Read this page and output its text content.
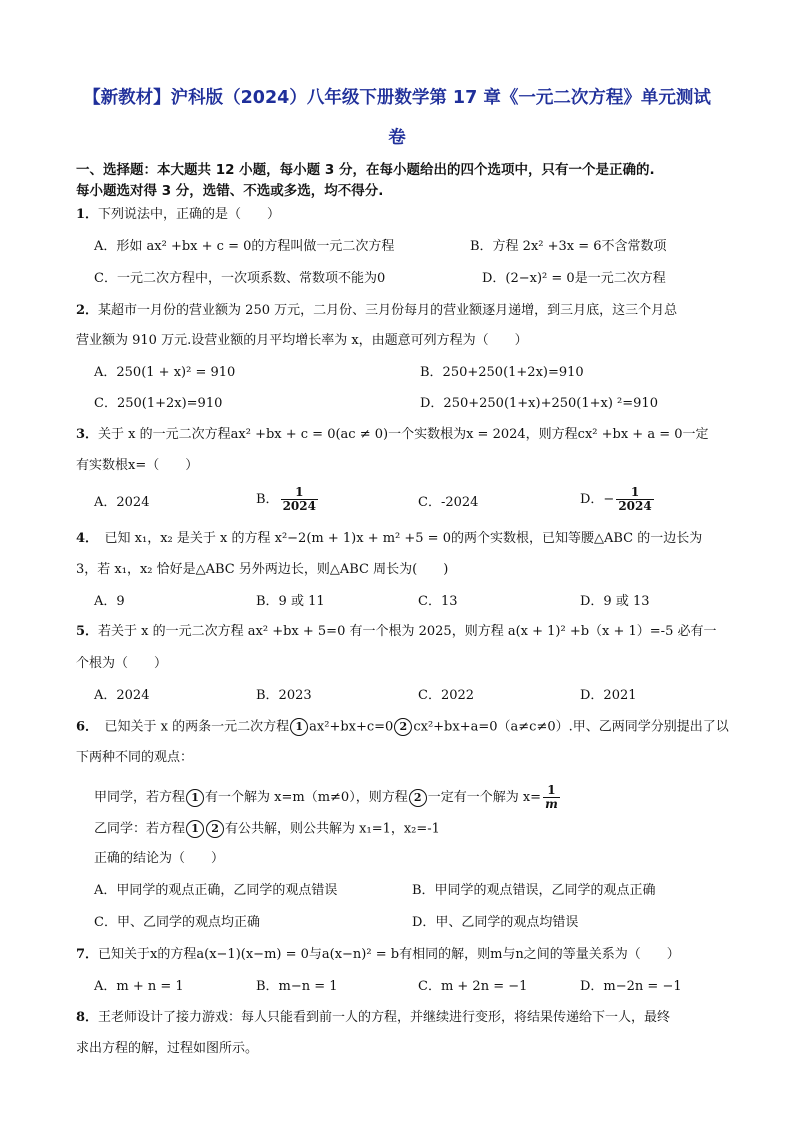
【新教材】沪科版（2024）八年级下册数学第 17 章《一元二次方程》单元测试
卷
一、选择题：本大题共 12 小题，每小题 3 分，在每小题给出的四个选项中，只有一个是正确的.
每小题选对得 3 分，选错、不选或多选，均不得分.
1．下列说法中，正确的是（　　）
A．形如 ax² +bx + c = 0的方程叫做一元二次方程	B．方程 2x² +3x = 6不含常数项
C．一元二次方程中，一次项系数、常数项不能为0	D．(2−x)² = 0是一元二次方程
2．某超市一月份的营业额为 250 万元，二月份、三月份每月的营业额逐月递增，到三月底，这三个月总
营业额为 910 万元.设营业额的月平均增长率为 x，由题意可列方程为（　　）
A．250(1 + x)² = 910	B．250+250(1+2x)=910
C．250(1+2x)=910	D．250+250(1+x)+250(1+x) ²=910
3．关于 x 的一元二次方程ax² +bx + c = 0(ac ≠ 0)一个实数根为x = 2024，则方程cx² +bx + a = 0一定
有实数根x=（　　）
A．2024	B． $\frac{1}{2024}$	C．-2024	D．− $\frac{1}{2024}$
4．　已知 x₁，x₂ 是关于 x 的方程 x²−2(m + 1)x + m² +5 = 0的两个实数根，已知等腰△ABC 的一边长为
3，若 x₁，x₂ 恰好是△ABC 另外两边长，则△ABC 周长为(　　)
A．9	B．9 或 11	C．13	D．9 或 13
5．若关于 x 的一元二次方程 ax² +bx + 5=0 有一个根为 2025，则方程 a(x + 1)² +b（x + 1）=-5 必有一
个根为（　　）
A．2024	B．2023	C．2022	D．2021
6．　已知关于 x 的两条一元二次方程 1 ax²+bx+c=0 2 cx²+bx+a=0（a≠c≠0）.甲、乙两同学分别提出了以
下两种不同的观点：
甲同学，若方程 1 有一个解为 x=m（m≠0），则方程 2 一定有一个解为 $x= \frac{1}{m}$
乙同学：若方程 1 2 有公共解，则公共解为 x₁=1，x₂=-1
正确的结论为（　　）
A．甲同学的观点正确，乙同学的观点错误	B．甲同学的观点错误，乙同学的观点正确
C．甲、乙同学的观点均正确	D．甲、乙同学的观点均错误
7．已知关于x的方程a(x−1)(x−m) = 0与a(x−n)² = b有相同的解，则m与n之间的等量关系为（　　）
A．m + n = 1	B．m−n = 1	C．m + 2n = −1	D．m−2n = −1
8．王老师设计了接力游戏：每人只能看到前一人的方程，并继续进行变形，将结果传递给下一人，最终
求出方程的解，过程如图所示。
